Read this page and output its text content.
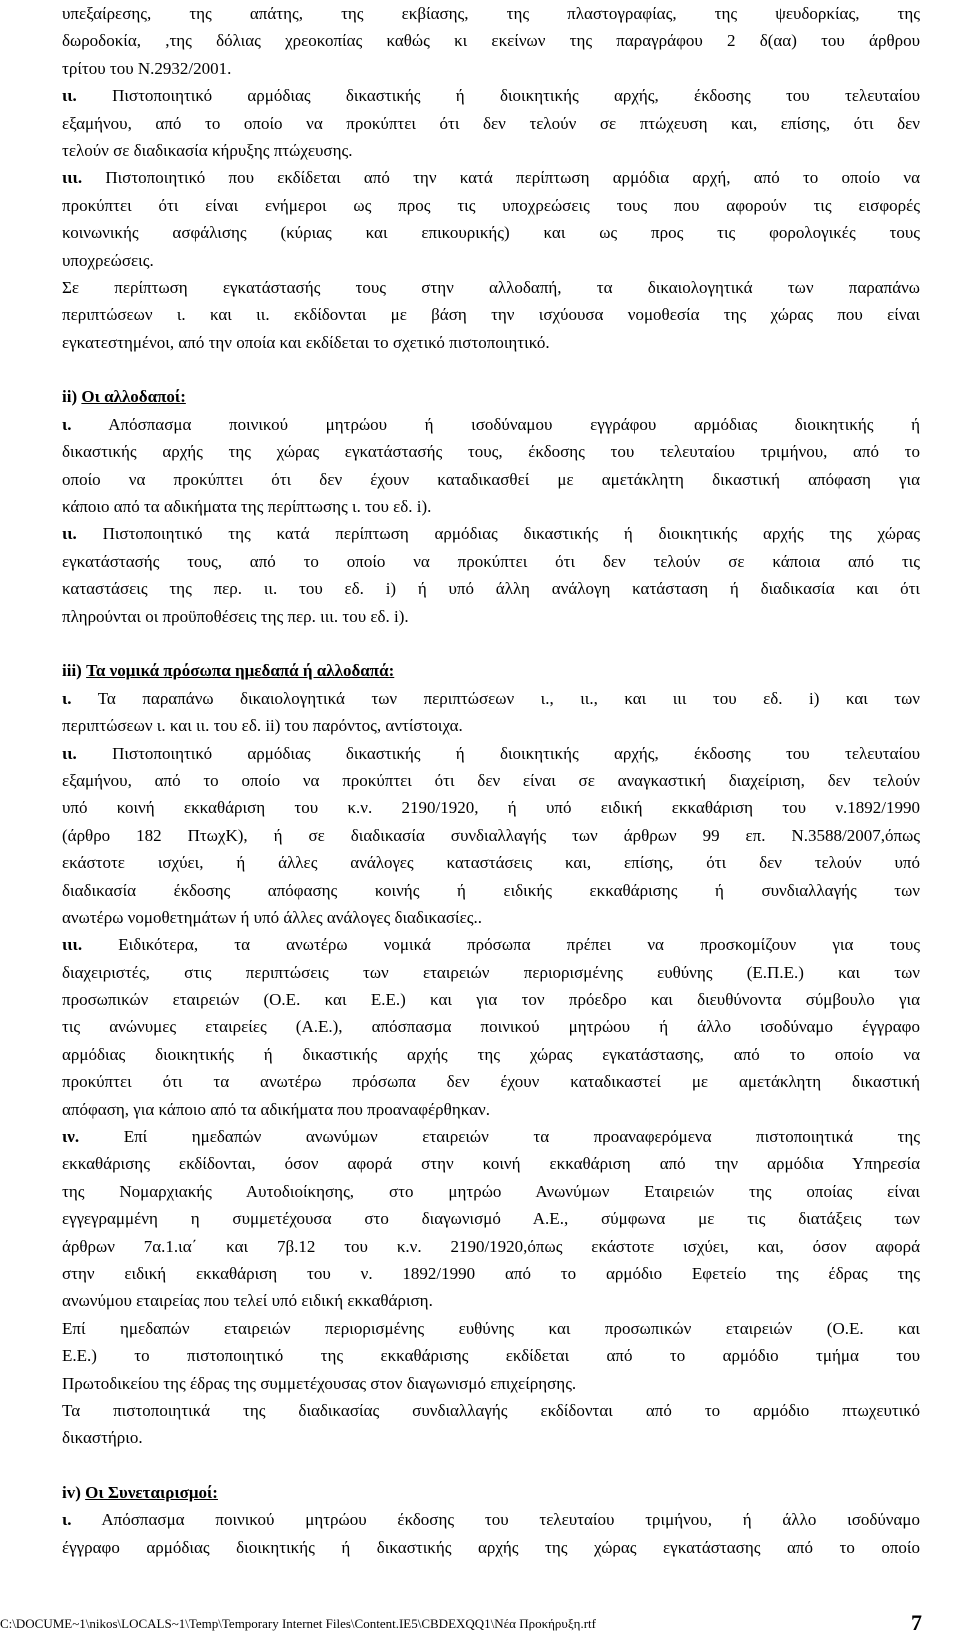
υπεξαίρεσης, της απάτης, της εκβίασης, της πλαστογραφίας, της ψευδορκίας, της
δωροδοκία, ,της δόλιας χρεοκοπίας καθώς κι εκείνων της παραγράφου 2 δ(αα) του άρθρου
τρίτου του Ν.2932/2001.
ιι. Πιστοποιητικό αρμόδιας δικαστικής ή διοικητικής αρχής, έκδοσης του τελευταίου
εξαμήνου, από το οποίο να προκύπτει ότι δεν τελούν σε πτώχευση και, επίσης, ότι δεν
τελούν σε διαδικασία κήρυξης πτώχευσης.
ιιι. Πιστοποιητικό που εκδίδεται από την κατά περίπτωση αρμόδια αρχή, από το οποίο να
προκύπτει ότι είναι ενήμεροι ως προς τις υποχρεώσεις τους που αφορούν τις εισφορές
κοινωνικής ασφάλισης (κύριας και επικουρικής) και ως προς τις φορολογικές τους
υποχρεώσεις.
Σε περίπτωση εγκατάστασής τους στην αλλοδαπή, τα δικαιολογητικά των παραπάνω
περιπτώσεων ι. και ιι. εκδίδονται με βάση την ισχύουσα νομοθεσία της χώρας που είναι
εγκατεστημένοι, από την οποία και εκδίδεται το σχετικό πιστοποιητικό.
ii) Οι αλλοδαποί:
ι. Απόσπασμα ποινικού μητρώου ή ισοδύναμου εγγράφου αρμόδιας διοικητικής ή
δικαστικής αρχής της χώρας εγκατάστασής τους, έκδοσης του τελευταίου τριμήνου, από το
οποίο να προκύπτει ότι δεν έχουν καταδικασθεί με αμετάκλητη δικαστική απόφαση για
κάποιο από τα αδικήματα της περίπτωσης ι. του εδ. i).
ιι. Πιστοποιητικό της κατά περίπτωση αρμόδιας δικαστικής ή διοικητικής αρχής της χώρας
εγκατάστασής τους, από το οποίο να προκύπτει ότι δεν τελούν σε κάποια από τις
καταστάσεις της περ. ιι. του εδ. i) ή υπό άλλη ανάλογη κατάσταση ή διαδικασία και ότι
πληρούνται οι προϋποθέσεις της περ. ιιι. του εδ. i).
iii) Τα νομικά πρόσωπα ημεδαπά ή αλλοδαπά:
ι. Τα παραπάνω δικαιολογητικά των περιπτώσεων ι., ιι., και ιιι του εδ. i) και των
περιπτώσεων ι. και ιι. του εδ. ii) του παρόντος, αντίστοιχα.
ιι. Πιστοποιητικό αρμόδιας δικαστικής ή διοικητικής αρχής, έκδοσης του τελευταίου
εξαμήνου, από το οποίο να προκύπτει ότι δεν είναι σε αναγκαστική διαχείριση, δεν τελούν
υπό κοινή εκκαθάριση του κ.ν. 2190/1920, ή υπό ειδική εκκαθάριση του ν.1892/1990
(άρθρο 182 ΠτωχΚ), ή σε διαδικασία συνδιαλλαγής των άρθρων 99 επ. Ν.3588/2007,όπως
εκάστοτε ισχύει, ή άλλες ανάλογες καταστάσεις και, επίσης, ότι δεν τελούν υπό
διαδικασία έκδοσης απόφασης κοινής ή ειδικής εκκαθάρισης ή συνδιαλλαγής των
ανωτέρω νομοθετημάτων ή υπό άλλες ανάλογες διαδικασίες..
ιιι. Ειδικότερα, τα ανωτέρω νομικά πρόσωπα πρέπει να προσκομίζουν για τους
διαχειριστές, στις περιπτώσεις των εταιρειών περιορισμένης ευθύνης (Ε.Π.Ε.) και των
προσωπικών εταιρειών (Ο.Ε. και Ε.Ε.) και για τον πρόεδρο και διευθύνοντα σύμβουλο για
τις ανώνυμες εταιρείες (Α.Ε.), απόσπασμα ποινικού μητρώου ή άλλο ισοδύναμο έγγραφο
αρμόδιας διοικητικής ή δικαστικής αρχής της χώρας εγκατάστασης, από το οποίο να
προκύπτει ότι τα ανωτέρω πρόσωπα δεν έχουν καταδικαστεί με αμετάκλητη δικαστική
απόφαση, για κάποιο από τα αδικήματα που προαναφέρθηκαν.
ιν.	Επί ημεδαπών ανωνύμων εταιρειών τα προαναφερόμενα πιστοποιητικά της
εκκαθάρισης εκδίδονται, όσον αφορά στην κοινή εκκαθάριση από την αρμόδια Υπηρεσία
της Νομαρχιακής Αυτοδιοίκησης, στο μητρώο Ανωνύμων Εταιρειών της οποίας είναι
εγγεγραμμένη η συμμετέχουσα στο διαγωνισμό Α.Ε., σύμφωνα με τις διατάξεις των
άρθρων 7α.1.ια΄ και 7β.12 του κ.ν. 2190/1920,όπως εκάστοτε ισχύει, και, όσον αφορά
στην ειδική εκκαθάριση του ν. 1892/1990 από το αρμόδιο Εφετείο της έδρας της
ανωνύμου εταιρείας που τελεί υπό ειδική εκκαθάριση.
Επί ημεδαπών εταιρειών περιορισμένης ευθύνης και προσωπικών εταιρειών (Ο.Ε. και
Ε.Ε.) το πιστοποιητικό της εκκαθάρισης εκδίδεται από το αρμόδιο τμήμα του
Πρωτοδικείου της έδρας της συμμετέχουσας στον διαγωνισμό επιχείρησης.
Τα πιστοποιητικά της διαδικασίας συνδιαλλαγής εκδίδονται από το αρμόδιο πτωχευτικό
δικαστήριο.
iv) Οι Συνεταιρισμοί:
ι. Απόσπασμα ποινικού μητρώου έκδοσης του τελευταίου τριμήνου, ή άλλο ισοδύναμο
έγγραφο αρμόδιας διοικητικής ή δικαστικής αρχής της χώρας εγκατάστασης από το οποίο
C:\DOCUME~1\nikos\LOCALS~1\Temp\Temporary Internet Files\Content.IE5\CBDEXQQ1\Νέα Προκήρυξη.rtf	7
